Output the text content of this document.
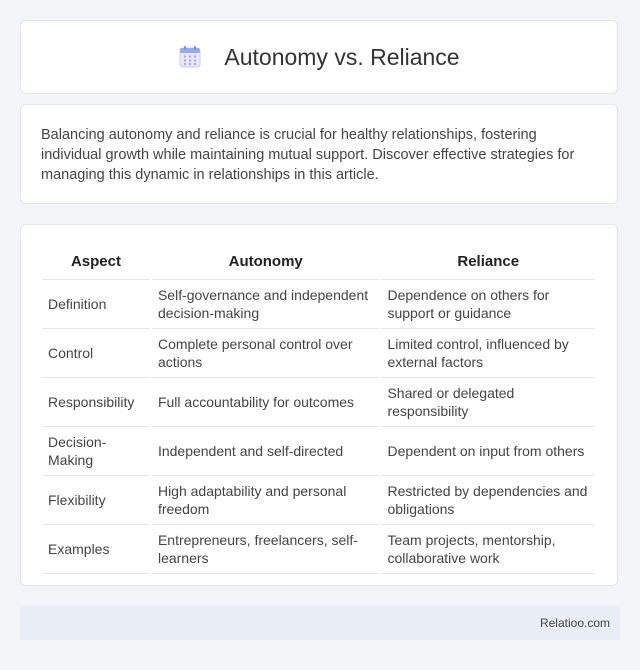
Autonomy vs. Reliance

Balancing autonomy and reliance is crucial for healthy relationships, fostering individual growth while maintaining mutual support. Discover effective strategies for managing this dynamic in relationships in this article.

Aspect	Autonomy	Reliance
Definition	Self-governance and independent decision-making	Dependence on others for support or guidance
Control	Complete personal control over actions	Limited control, influenced by external factors
Responsibility	Full accountability for outcomes	Shared or delegated responsibility
Decision-Making	Independent and self-directed	Dependent on input from others
Flexibility	High adaptability and personal freedom	Restricted by dependencies and obligations
Examples	Entrepreneurs, freelancers, self-learners	Team projects, mentorship, collaborative work
Relatioo.com
